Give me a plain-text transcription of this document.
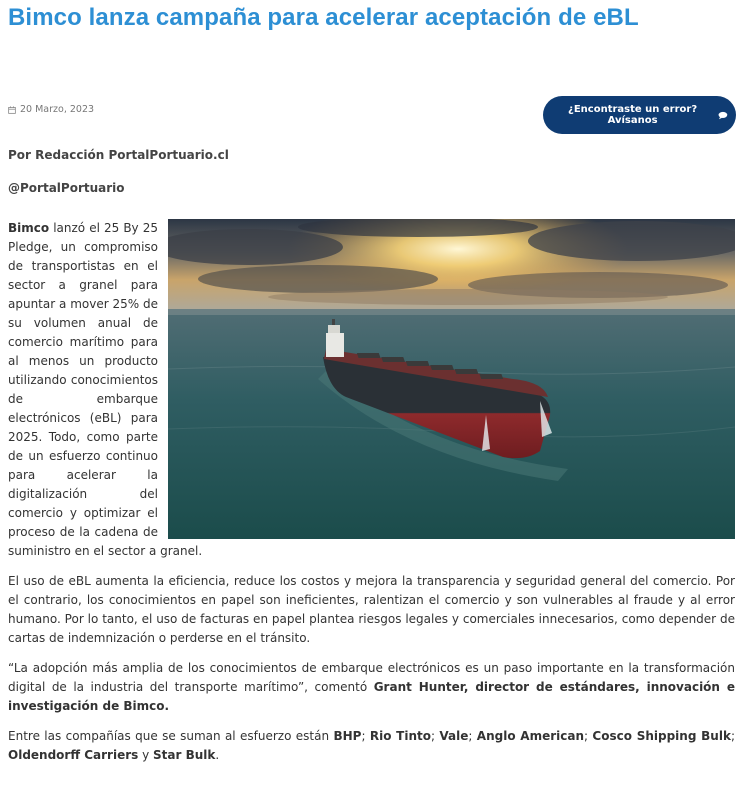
Bimco lanza campaña para acelerar aceptación de eBL
20 Marzo, 2023	¿Encontraste un error? Avísanos
Por Redacción PortalPortuario.cl
@PortalPortuario

Bimco lanzó el 25 By 25 Pledge, un compromiso de transportistas en el sector a granel para apuntar a mover 25% de su volumen anual de comercio marítimo para al menos un producto utilizando conocimientos de embarque electrónicos (eBL) para 2025. Todo, como parte de un esfuerzo continuo para acelerar la digitalización del comercio y optimizar el proceso de la cadena de suministro en el sector a granel.

El uso de eBL aumenta la eficiencia, reduce los costos y mejora la transparencia y seguridad general del comercio. Por el contrario, los conocimientos en papel son ineficientes, ralentizan el comercio y son vulnerables al fraude y al error humano. Por lo tanto, el uso de facturas en papel plantea riesgos legales y comerciales innecesarios, como depender de cartas de indemnización o perderse en el tránsito.

“La adopción más amplia de los conocimientos de embarque electrónicos es un paso importante en la transformación digital de la industria del transporte marítimo”, comentó Grant Hunter, director de estándares, innovación e investigación de Bimco.

Entre las compañías que se suman al esfuerzo están BHP; Rio Tinto; Vale; Anglo American; Cosco Shipping Bulk; Oldendorff Carriers y Star Bulk.
